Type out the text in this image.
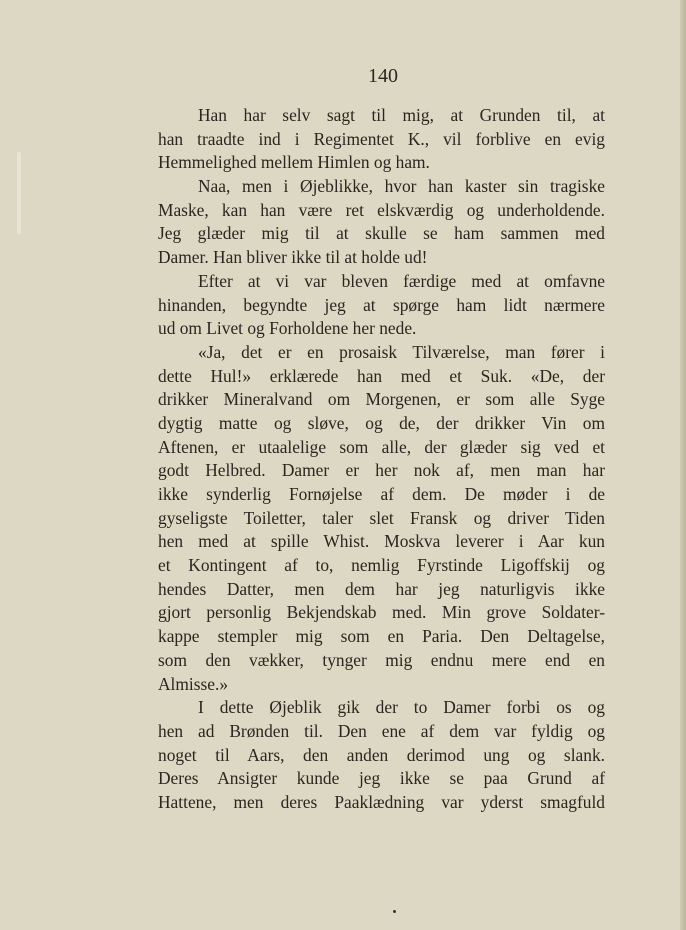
140
Han har selv sagt til mig, at Grunden til, at
han traadte ind i Regimentet K., vil forblive en evig
Hemmelighed mellem Himlen og ham.
Naa, men i Øjeblikke, hvor han kaster sin tragiske
Maske, kan han være ret elskværdig og underholdende.
Jeg glæder mig til at skulle se ham sammen med
Damer. Han bliver ikke til at holde ud!
Efter at vi var bleven færdige med at omfavne
hinanden, begyndte jeg at spørge ham lidt nærmere
ud om Livet og Forholdene her nede.
«Ja, det er en prosaisk Tilværelse, man fører i
dette Hul!» erklærede han med et Suk. «De, der
drikker Mineralvand om Morgenen, er som alle Syge
dygtig matte og sløve, og de, der drikker Vin om
Aftenen, er utaalelige som alle, der glæder sig ved et
godt Helbred. Damer er her nok af, men man har
ikke synderlig Fornøjelse af dem. De møder i de
gyseligste Toiletter, taler slet Fransk og driver Tiden
hen med at spille Whist. Moskva leverer i Aar kun
et Kontingent af to, nemlig Fyrstinde Ligoffskij og
hendes Datter, men dem har jeg naturligvis ikke
gjort personlig Bekjendskab med. Min grove Soldater-
kappe stempler mig som en Paria. Den Deltagelse,
som den vækker, tynger mig endnu mere end en
Almisse.»
I dette Øjeblik gik der to Damer forbi os og
hen ad Brønden til. Den ene af dem var fyldig og
noget til Aars, den anden derimod ung og slank.
Deres Ansigter kunde jeg ikke se paa Grund af
Hattene, men deres Paaklædning var yderst smagfuld
